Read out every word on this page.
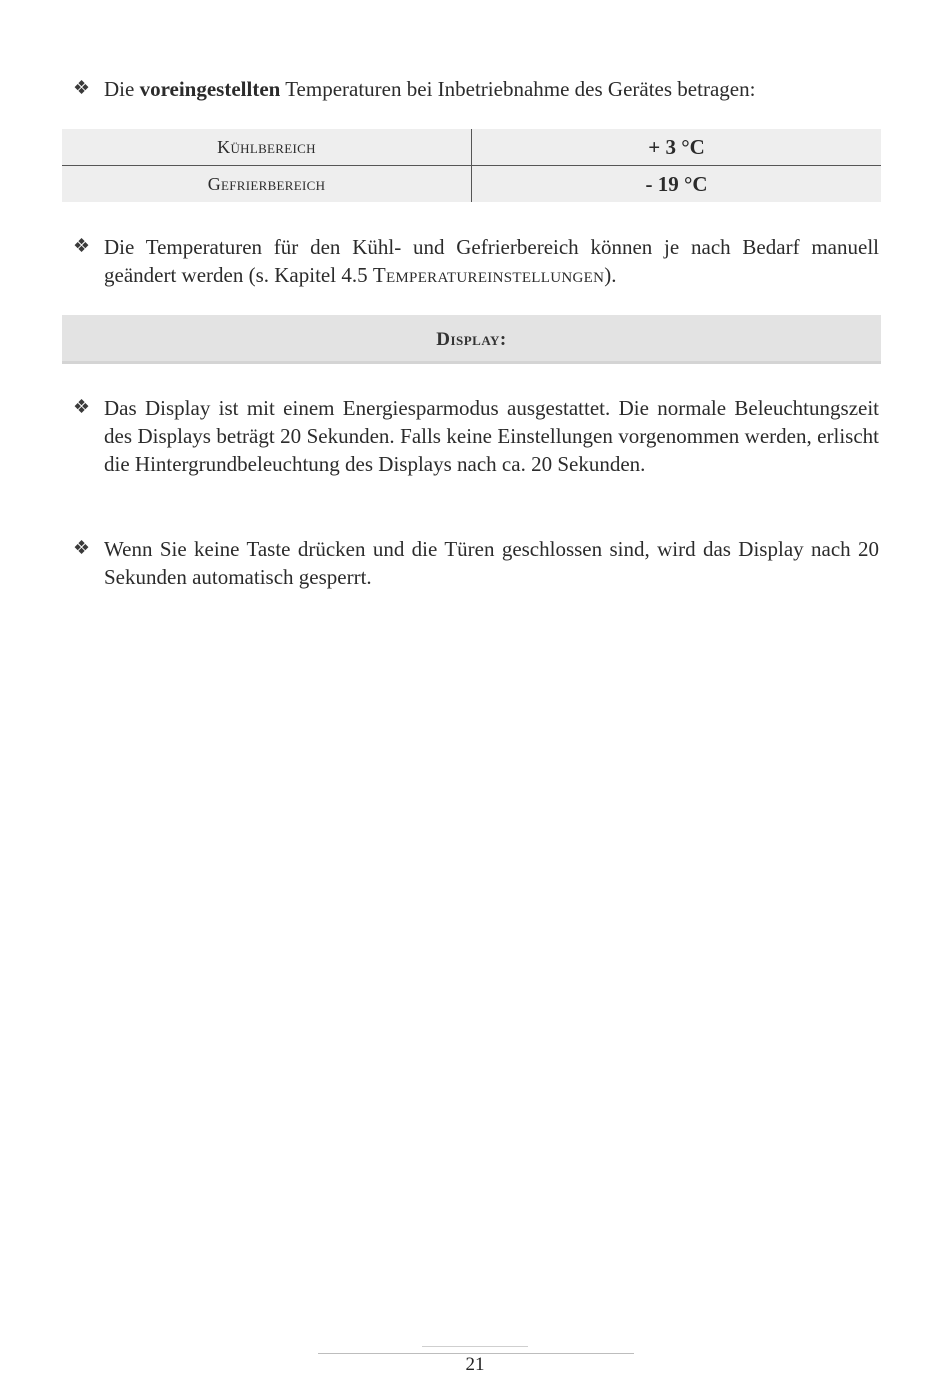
❖ Die voreingestellten Temperaturen bei Inbetriebnahme des Gerätes betragen:
Kühlbereich	+ 3 °C
Gefrierbereich	- 19 °C
❖ Die Temperaturen für den Kühl- und Gefrierbereich können je nach Bedarf manuell geändert werden (s. Kapitel 4.5 Temperatureinstellungen).
Display:
❖ Das Display ist mit einem Energiesparmodus ausgestattet. Die normale Beleuchtungszeit des Displays beträgt 20 Sekunden. Falls keine Einstellungen vorgenommen werden, erlischt die Hintergrundbeleuchtung des Displays nach ca. 20 Sekunden.
❖ Wenn Sie keine Taste drücken und die Türen geschlossen sind, wird das Display nach 20 Sekunden automatisch gesperrt.
21
